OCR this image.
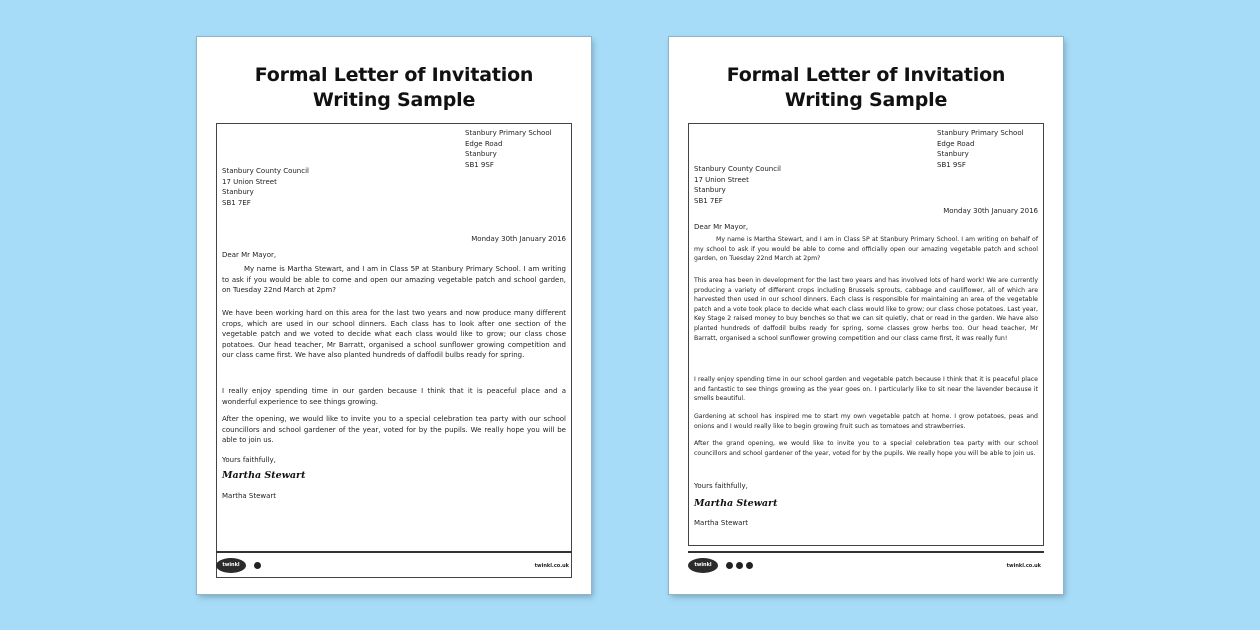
Formal Letter of Invitation
Writing Sample
Stanbury Primary School
Edge Road
Stanbury
SB1 9SF
Stanbury County Council
17 Union Street
Stanbury
SB1 7EF
Monday 30th January 2016
Dear Mr Mayor,
My name is Martha Stewart, and I am in Class 5P at Stanbury Primary School. I am writing to ask if you would be able to come and open our amazing vegetable patch and school garden, on Tuesday 22nd March at 2pm?
We have been working hard on this area for the last two years and now produce many different crops, which are used in our school dinners. Each class has to look after one section of the vegetable patch and we voted to decide what each class would like to grow; our class chose potatoes. Our head teacher, Mr Barratt, organised a school sunflower growing competition and our class came first. We have also planted hundreds of daffodil bulbs ready for spring.
I really enjoy spending time in our garden because I think that it is peaceful place and a wonderful experience to see things growing.
After the opening, we would like to invite you to a special celebration tea party with our school councillors and school gardener of the year, voted for by the pupils. We really hope you will be able to join us.
Yours faithfully,
Martha Stewart
Martha Stewart
twinkl	twinkl.co.uk
Formal Letter of Invitation
Writing Sample
Stanbury Primary School
Edge Road
Stanbury
SB1 9SF
Stanbury County Council
17 Union Street
Stanbury
SB1 7EF
Monday 30th January 2016
Dear Mr Mayor,
My name is Martha Stewart, and I am in Class 5P at Stanbury Primary School. I am writing on behalf of my school to ask if you would be able to come and officially open our amazing vegetable patch and school garden, on Tuesday 22nd March at 2pm?
This area has been in development for the last two years and has involved lots of hard work! We are currently producing a variety of different crops including Brussels sprouts, cabbage and cauliflower, all of which are harvested then used in our school dinners. Each class is responsible for maintaining an area of the vegetable patch and a vote took place to decide what each class would like to grow; our class chose potatoes. Last year, Key Stage 2 raised money to buy benches so that we can sit quietly, chat or read in the garden. We have also planted hundreds of daffodil bulbs ready for spring, some classes grow herbs too. Our head teacher, Mr Barratt, organised a school sunflower growing competition and our class came first, it was really fun!
I really enjoy spending time in our school garden and vegetable patch because I think that it is peaceful place and fantastic to see things growing as the year goes on. I particularly like to sit near the lavender because it smells beautiful.
Gardening at school has inspired me to start my own vegetable patch at home. I grow potatoes, peas and onions and I would really like to begin growing fruit such as tomatoes and strawberries.
After the grand opening, we would like to invite you to a special celebration tea party with our school councillors and school gardener of the year, voted for by the pupils. We really hope you will be able to join us.
Yours faithfully,
Martha Stewart
Martha Stewart
twinkl	twinkl.co.uk
